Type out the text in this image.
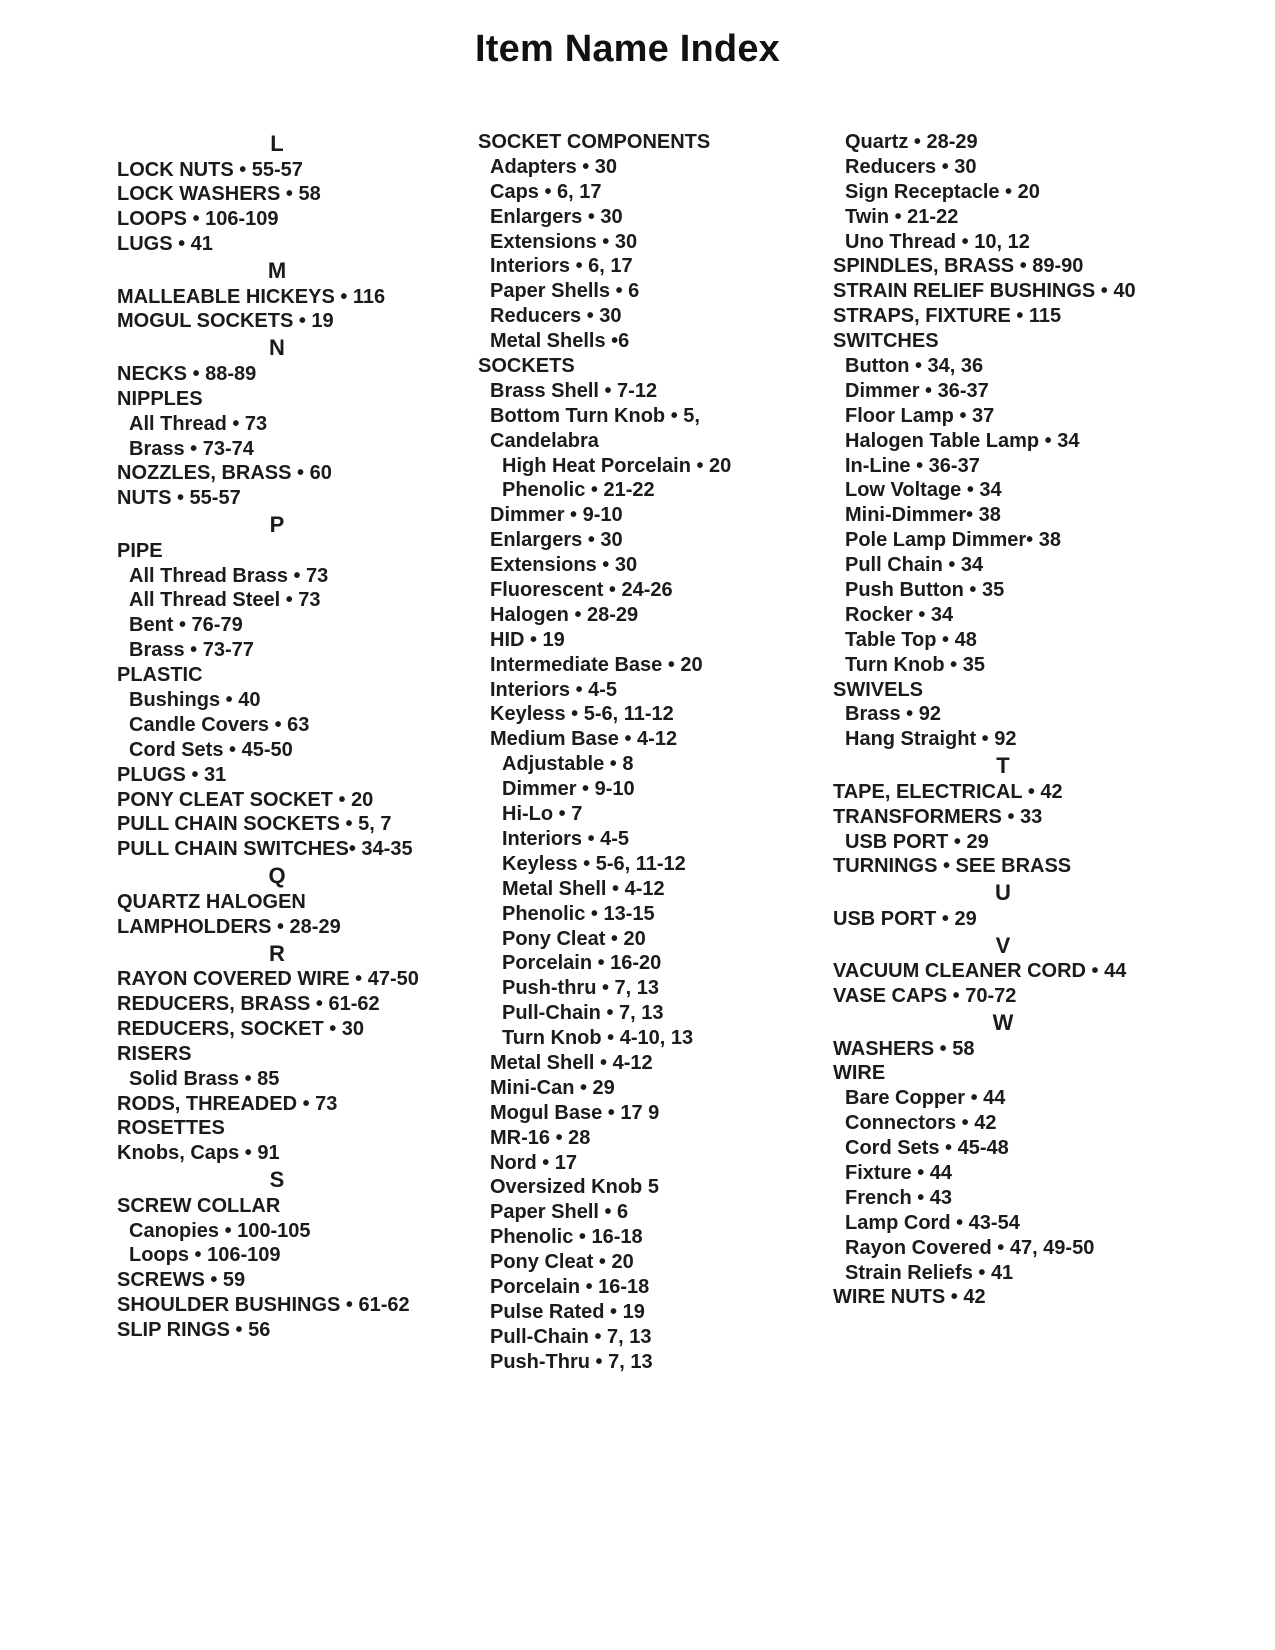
Item Name Index
L
LOCK NUTS • 55-57
LOCK WASHERS • 58
LOOPS • 106-109
LUGS • 41
M
MALLEABLE HICKEYS • 116
MOGUL SOCKETS • 19
N
NECKS • 88-89
NIPPLES
All Thread • 73
Brass • 73-74
NOZZLES, BRASS • 60
NUTS • 55-57
P
PIPE
All Thread Brass • 73
All Thread Steel • 73
Bent • 76-79
Brass • 73-77
PLASTIC
Bushings • 40
Candle Covers • 63
Cord Sets • 45-50
PLUGS • 31
PONY CLEAT SOCKET • 20
PULL CHAIN SOCKETS • 5, 7
PULL CHAIN SWITCHES• 34-35
Q
QUARTZ HALOGEN
LAMPHOLDERS • 28-29
R
RAYON COVERED WIRE • 47-50
REDUCERS, BRASS • 61-62
REDUCERS, SOCKET • 30
RISERS
Solid Brass • 85
RODS, THREADED • 73
ROSETTES
Knobs, Caps • 91
S
SCREW COLLAR
Canopies • 100-105
Loops • 106-109
SCREWS • 59
SHOULDER BUSHINGS • 61-62
SLIP RINGS • 56
SOCKET COMPONENTS
Adapters • 30
Caps • 6, 17
Enlargers • 30
Extensions • 30
Interiors • 6, 17
Paper Shells • 6
Reducers • 30
Metal Shells •6
SOCKETS
Brass Shell • 7-12
Bottom Turn Knob • 5,
Candelabra
High Heat Porcelain • 20
Phenolic • 21-22
Dimmer • 9-10
Enlargers • 30
Extensions • 30
Fluorescent • 24-26
Halogen • 28-29
HID • 19
Intermediate Base • 20
Interiors • 4-5
Keyless • 5-6, 11-12
Medium Base • 4-12
Adjustable • 8
Dimmer • 9-10
Hi-Lo • 7
Interiors • 4-5
Keyless • 5-6, 11-12
Metal Shell • 4-12
Phenolic • 13-15
Pony Cleat • 20
Porcelain • 16-20
Push-thru • 7, 13
Pull-Chain • 7, 13
Turn Knob • 4-10, 13
Metal Shell • 4-12
Mini-Can • 29
Mogul Base • 17 9
MR-16 • 28
Nord • 17
Oversized Knob 5
Paper Shell • 6
Phenolic • 16-18
Pony Cleat • 20
Porcelain • 16-18
Pulse Rated • 19
Pull-Chain • 7, 13
Push-Thru • 7, 13
Quartz • 28-29
Reducers • 30
Sign Receptacle • 20
Twin • 21-22
Uno Thread • 10, 12
SPINDLES, BRASS • 89-90
STRAIN RELIEF BUSHINGS • 40
STRAPS, FIXTURE • 115
SWITCHES
Button • 34, 36
Dimmer • 36-37
Floor Lamp • 37
Halogen Table Lamp • 34
In-Line • 36-37
Low Voltage • 34
Mini-Dimmer• 38
Pole Lamp Dimmer• 38
Pull Chain • 34
Push Button • 35
Rocker • 34
Table Top • 48
Turn Knob • 35
SWIVELS
Brass • 92
Hang Straight • 92
T
TAPE, ELECTRICAL • 42
TRANSFORMERS • 33
USB PORT • 29
TURNINGS • SEE BRASS
U
USB PORT • 29
V
VACUUM CLEANER CORD • 44
VASE CAPS • 70-72
W
WASHERS • 58
WIRE
Bare Copper • 44
Connectors • 42
Cord Sets • 45-48
Fixture • 44
French • 43
Lamp Cord • 43-54
Rayon Covered • 47, 49-50
Strain Reliefs • 41
WIRE NUTS • 42
